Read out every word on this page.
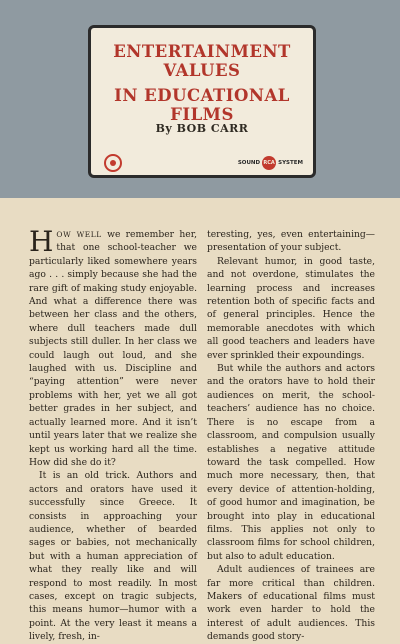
ENTERTAINMENT VALUES
IN EDUCATIONAL FILMS
By BOB CARR
SOUND RCA SYSTEM

HOW WELL we remember her, that one school-teacher we particularly liked somewhere years ago . . . simply because she had the rare gift of making study enjoyable. And what a difference there was between her class and the others, where dull teachers made dull subjects still duller. In her class we could laugh out loud, and she laughed with us. Discipline and “paying attention” were never problems with her, yet we all got better grades in her subject, and actually learned more. And it isn’t until years later that we realize she kept us working hard all the time. How did she do it?

It is an old trick. Authors and actors and orators have used it successfully since Greece. It consists in approaching your audience, whether of bearded sages or babies, not mechanically but with a human appreciation of what they really like and will respond to most readily. In most cases, except on tragic subjects, this means humor—humor with a point. At the very least it means a lively, fresh, in-

teresting, yes, even entertaining—presentation of your subject.

Relevant humor, in good taste, and not overdone, stimulates the learning process and increases retention both of specific facts and of general principles. Hence the memorable anecdotes with which all good teachers and leaders have ever sprinkled their expoundings.

But while the authors and actors and the orators have to hold their audiences on merit, the school-teachers’ audience has no choice. There is no escape from a classroom, and compulsion usually establishes a negative attitude toward the task compelled. How much more necessary, then, that every device of attention-holding, of good humor and imagination, be brought into play in educational films. This applies not only to classroom films for school children, but also to adult education.

Adult audiences of trainees are far more critical than children. Makers of educational films must work even harder to hold the interest of adult audiences. This demands good story-
